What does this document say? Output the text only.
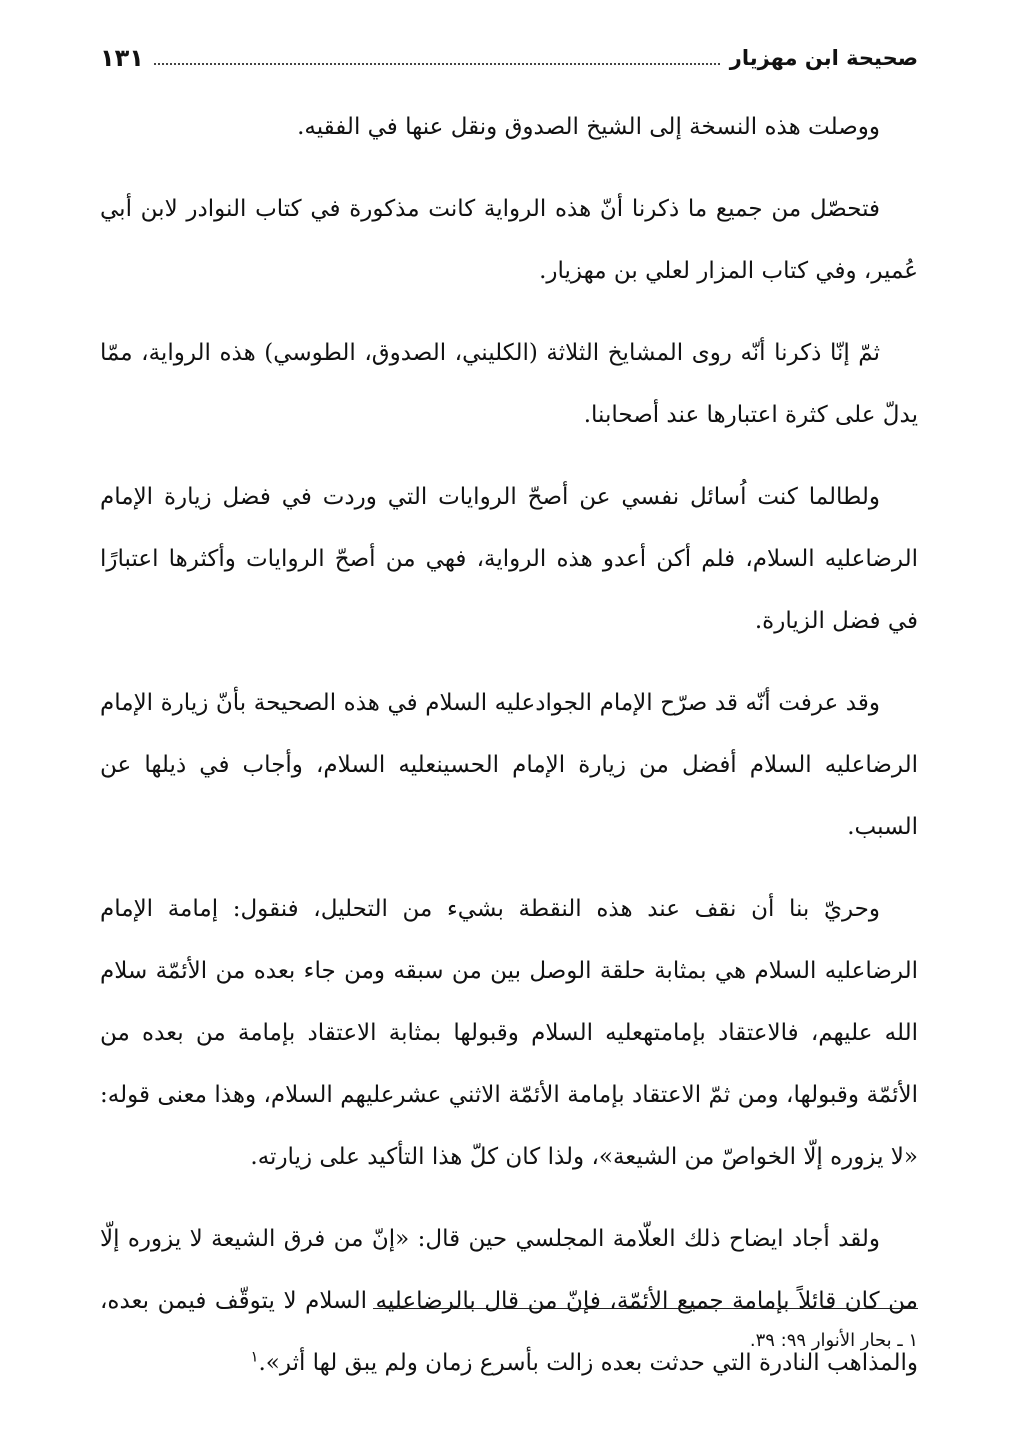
صحيحة ابن مهزيار
١٣١

ووصلت هذه النسخة إلى الشيخ الصدوق ونقل عنها في الفقيه.

فتحصّل من جميع ما ذكرنا أنّ هذه الرواية كانت مذكورة في كتاب النوادر لابن أبي عُمير، وفي كتاب المزار لعلي بن مهزيار.

ثمّ إنّا ذكرنا أنّه روى المشايخ الثلاثة (الكليني، الصدوق، الطوسي) هذه الرواية، ممّا يدلّ على كثرة اعتبارها عند أصحابنا.

ولطالما كنت اُسائل نفسي عن أصحّ الروايات التي وردت في فضل زيارة الإمام الرضاعليه السلام، فلم أكن أعدو هذه الرواية، فهي من أصحّ الروايات وأكثرها اعتبارًا في فضل الزيارة.

وقد عرفت أنّه قد صرّح الإمام الجوادعليه السلام في هذه الصحيحة بأنّ زيارة الإمام الرضاعليه السلام أفضل من زيارة الإمام الحسينعليه السلام، وأجاب في ذيلها عن السبب.

وحريّ بنا أن نقف عند هذه النقطة بشيء من التحليل، فنقول: إمامة الإمام الرضاعليه السلام هي بمثابة حلقة الوصل بين من سبقه ومن جاء بعده من الأئمّة سلام الله عليهم، فالاعتقاد بإمامتهعليه السلام وقبولها بمثابة الاعتقاد بإمامة من بعده من الأئمّة وقبولها، ومن ثمّ الاعتقاد بإمامة الأئمّة الاثني عشرعليهم السلام، وهذا معنى قوله: «لا يزوره إلّا الخواصّ من الشيعة»، ولذا كان كلّ هذا التأكيد على زيارته.

ولقد أجاد ايضاح ذلك العلّامة المجلسي حين قال: «إنّ من فرق الشيعة لا يزوره إلّا من كان قائلاً بإمامة جميع الأئمّة، فإنّ من قال بالرضاعليه السلام لا يتوقّف فيمن بعده، والمذاهب النادرة التي حدثت بعده زالت بأسرع زمان ولم يبق لها أثر».$^١$

١ ـ بحار الأنوار ٩٩: ٣٩.
